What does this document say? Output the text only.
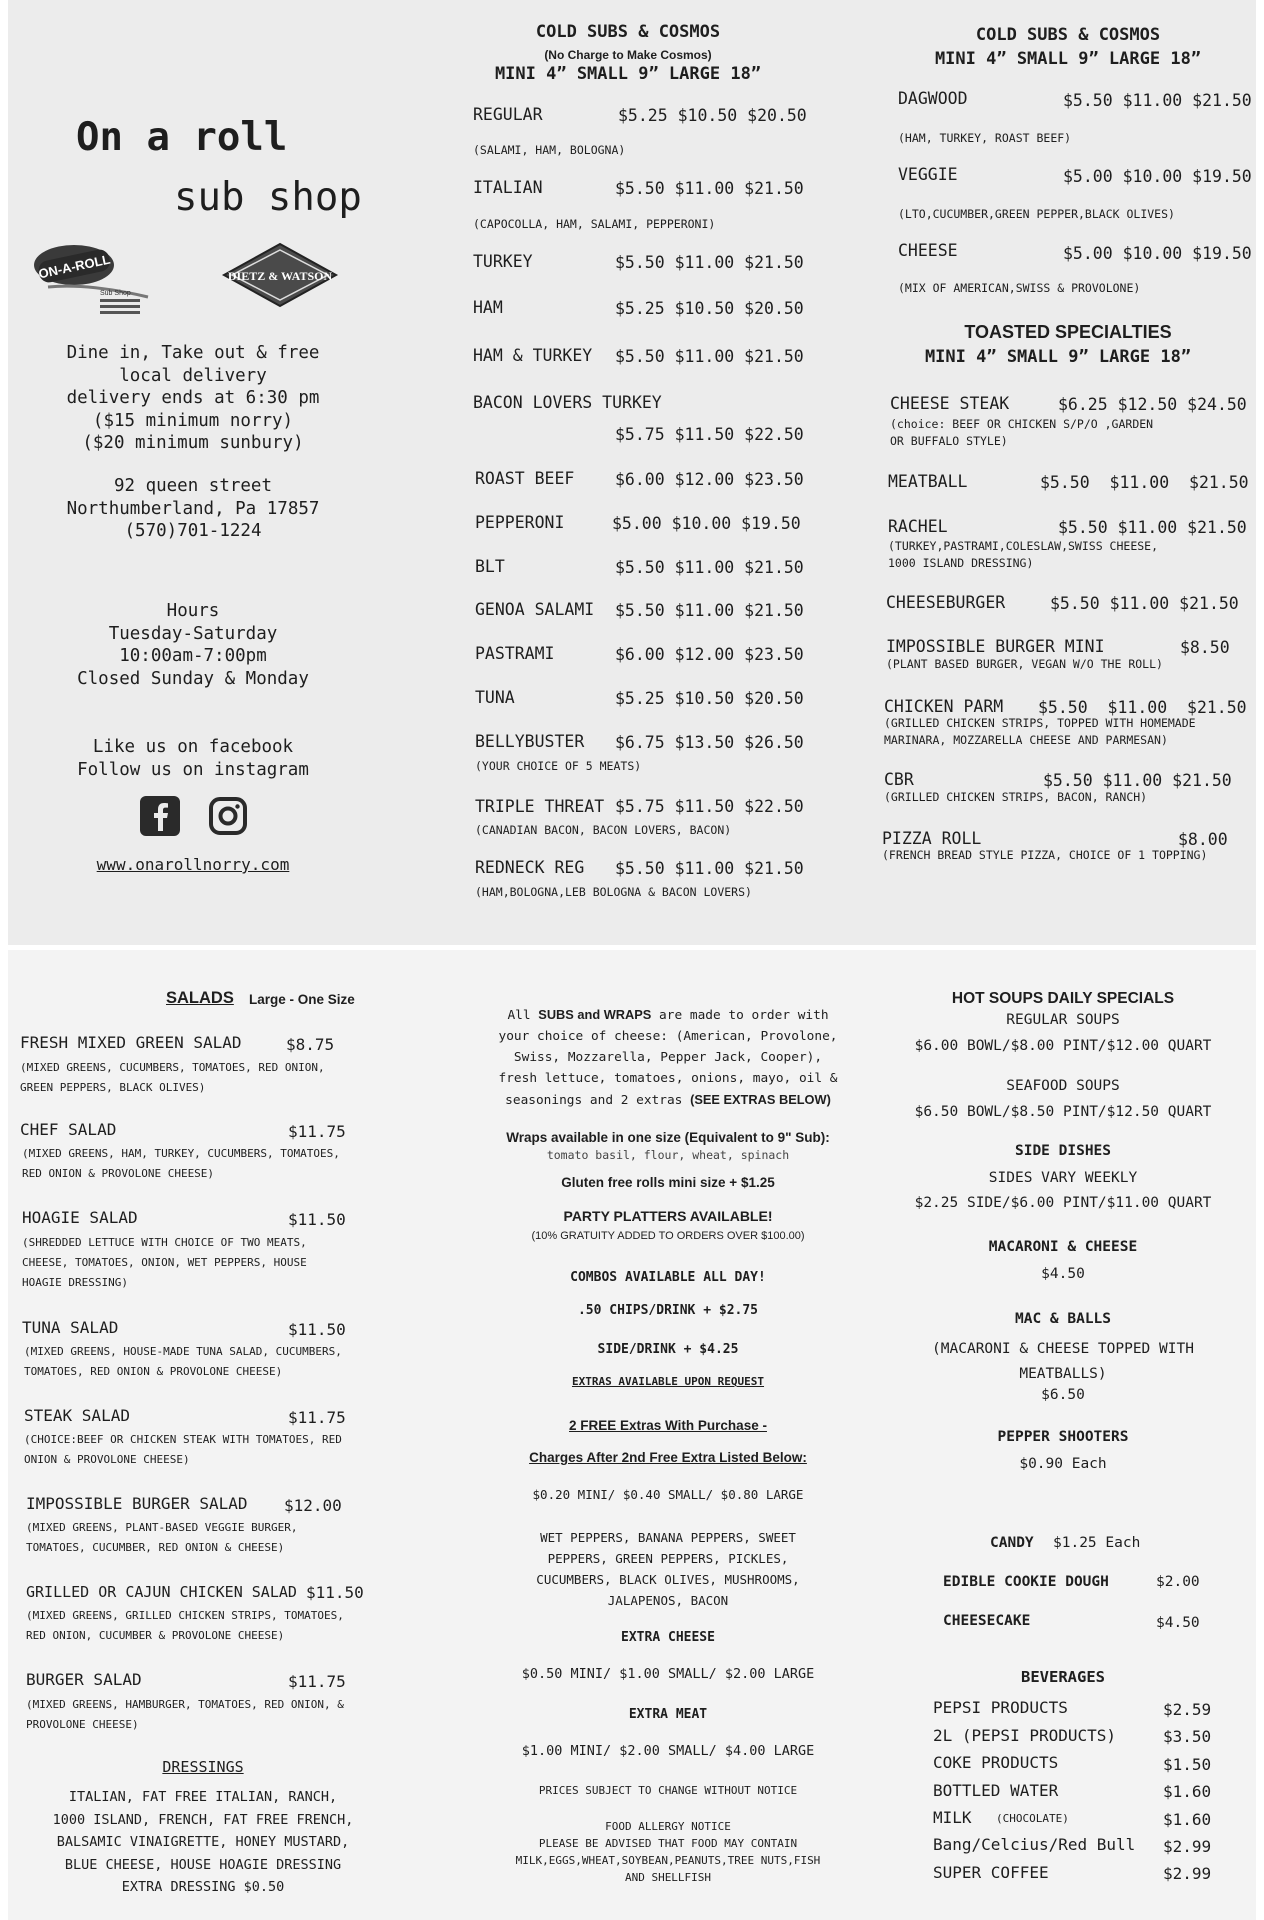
On a roll
sub shop
ON-A-ROLL
Sub Shop
DIETZ & WATSON
Dine in, Take out & free
local delivery
delivery ends at 6:30 pm
($15 minimum norry)
($20 minimum sunbury)
92 queen street
Northumberland, Pa 17857
(570)701-1224
Hours
Tuesday-Saturday
10:00am-7:00pm
Closed Sunday & Monday
Like us on facebook
Follow us on instagram
www.onarollnorry.com
COLD SUBS & COSMOS
(No Charge to Make Cosmos)
MINI 4” SMALL 9” LARGE 18”
REGULAR	$5.25 $10.50 $20.50
(SALAMI, HAM, BOLOGNA)
ITALIAN	$5.50 $11.00 $21.50
(CAPOCOLLA, HAM, SALAMI, PEPPERONI)
TURKEY	$5.50 $11.00 $21.50
HAM	$5.25 $10.50 $20.50
HAM & TURKEY $5.50 $11.00 $21.50
BACON LOVERS TURKEY
$5.75 $11.50 $22.50
ROAST BEEF $6.00 $12.00 $23.50
PEPPERONI	$5.00 $10.00 $19.50
BLT	$5.50 $11.00 $21.50
GENOA SALAMI $5.50 $11.00 $21.50
PASTRAMI	$6.00 $12.00 $23.50
TUNA	$5.25 $10.50 $20.50
BELLYBUSTER $6.75 $13.50 $26.50
(YOUR CHOICE OF 5 MEATS)
TRIPLE THREAT $5.75 $11.50 $22.50
(CANADIAN BACON, BACON LOVERS, BACON)
REDNECK REG $5.50 $11.00 $21.50
(HAM,BOLOGNA,LEB BOLOGNA & BACON LOVERS)
COLD SUBS & COSMOS
MINI 4” SMALL 9” LARGE 18”
DAGWOOD	$5.50 $11.00 $21.50
(HAM, TURKEY, ROAST BEEF)
VEGGIE	$5.00 $10.00 $19.50
(LTO,CUCUMBER,GREEN PEPPER,BLACK OLIVES)
CHEESE	$5.00 $10.00 $19.50
(MIX OF AMERICAN,SWISS & PROVOLONE)
TOASTED SPECIALTIES
MINI 4” SMALL 9” LARGE 18”
CHEESE STEAK	$6.25 $12.50 $24.50
(choice: BEEF OR CHICKEN S/P/O ,GARDEN
OR BUFFALO STYLE)
MEATBALL	$5.50  $11.00  $21.50
RACHEL	$5.50 $11.00 $21.50
(TURKEY,PASTRAMI,COLESLAW,SWISS CHEESE,
1000 ISLAND DRESSING)
CHEESEBURGER	$5.50 $11.00 $21.50
IMPOSSIBLE BURGER MINI	$8.50
(PLANT BASED BURGER, VEGAN W/O THE ROLL)
CHICKEN PARM $5.50  $11.00  $21.50
(GRILLED CHICKEN STRIPS, TOPPED WITH HOMEMADE
MARINARA, MOZZARELLA CHEESE AND PARMESAN)
CBR	$5.50 $11.00 $21.50
(GRILLED CHICKEN STRIPS, BACON, RANCH)
PIZZA ROLL	$8.00
(FRENCH BREAD STYLE PIZZA, CHOICE OF 1 TOPPING)
SALADS Large - One Size
FRESH MIXED GREEN SALAD	$8.75
(MIXED GREENS, CUCUMBERS, TOMATOES, RED ONION,
GREEN PEPPERS, BLACK OLIVES)
CHEF SALAD	$11.75
(MIXED GREENS, HAM, TURKEY, CUCUMBERS, TOMATOES,
RED ONION & PROVOLONE CHEESE)
HOAGIE SALAD	$11.50
(SHREDDED LETTUCE WITH CHOICE OF TWO MEATS,
CHEESE, TOMATOES, ONION, WET PEPPERS, HOUSE
HOAGIE DRESSING)
TUNA SALAD	$11.50
(MIXED GREENS, HOUSE-MADE TUNA SALAD, CUCUMBERS,
TOMATOES, RED ONION & PROVOLONE CHEESE)
STEAK SALAD	$11.75
(CHOICE:BEEF OR CHICKEN STEAK WITH TOMATOES, RED
ONION & PROVOLONE CHEESE)
IMPOSSIBLE BURGER SALAD $12.00
(MIXED GREENS, PLANT-BASED VEGGIE BURGER,
TOMATOES, CUCUMBER, RED ONION & CHEESE)
GRILLED OR CAJUN CHICKEN SALAD $11.50
(MIXED GREENS, GRILLED CHICKEN STRIPS, TOMATOES,
RED ONION, CUCUMBER & PROVOLONE CHEESE)
BURGER SALAD	$11.75
(MIXED GREENS, HAMBURGER, TOMATOES, RED ONION, &
PROVOLONE CHEESE)
DRESSINGS
ITALIAN, FAT FREE ITALIAN, RANCH,
1000 ISLAND, FRENCH, FAT FREE FRENCH,
BALSAMIC VINAIGRETTE, HONEY MUSTARD,
BLUE CHEESE, HOUSE HOAGIE DRESSING
EXTRA DRESSING $0.50
All SUBS and WRAPS are made to order with
your choice of cheese: (American, Provolone,
Swiss, Mozzarella, Pepper Jack, Cooper),
fresh lettuce, tomatoes, onions, mayo, oil &
seasonings and 2 extras (SEE EXTRAS BELOW)
Wraps available in one size (Equivalent to 9" Sub):
tomato basil, flour, wheat, spinach
Gluten free rolls mini size + $1.25
PARTY PLATTERS AVAILABLE!
(10% GRATUITY ADDED TO ORDERS OVER $100.00)
COMBOS AVAILABLE ALL DAY!
.50 CHIPS/DRINK + $2.75
SIDE/DRINK + $4.25
EXTRAS AVAILABLE UPON REQUEST
2 FREE Extras With Purchase -
Charges After 2nd Free Extra Listed Below:
$0.20 MINI/ $0.40 SMALL/ $0.80 LARGE
WET PEPPERS, BANANA PEPPERS, SWEET
PEPPERS, GREEN PEPPERS, PICKLES,
CUCUMBERS, BLACK OLIVES, MUSHROOMS,
JALAPENOS, BACON
EXTRA CHEESE
$0.50 MINI/ $1.00 SMALL/ $2.00 LARGE
EXTRA MEAT
$1.00 MINI/ $2.00 SMALL/ $4.00 LARGE
PRICES SUBJECT TO CHANGE WITHOUT NOTICE
FOOD ALLERGY NOTICE
PLEASE BE ADVISED THAT FOOD MAY CONTAIN
MILK,EGGS,WHEAT,SOYBEAN,PEANUTS,TREE NUTS,FISH
AND SHELLFISH
HOT SOUPS DAILY SPECIALS
REGULAR SOUPS
$6.00 BOWL/$8.00 PINT/$12.00 QUART
SEAFOOD SOUPS
$6.50 BOWL/$8.50 PINT/$12.50 QUART
SIDE DISHES
SIDES VARY WEEKLY
$2.25 SIDE/$6.00 PINT/$11.00 QUART
MACARONI & CHEESE
$4.50
MAC & BALLS
(MACARONI & CHEESE TOPPED WITH
MEATBALLS)
$6.50
PEPPER SHOOTERS
$0.90 Each
CANDY $1.25 Each
EDIBLE COOKIE DOUGH	$2.00
CHEESECAKE	$4.50
BEVERAGES
PEPSI PRODUCTS	$2.59
2L (PEPSI PRODUCTS)	$3.50
COKE PRODUCTS	$1.50
BOTTLED WATER	$1.60
MILK (CHOCOLATE)	$1.60
Bang/Celcius/Red Bull $2.99
SUPER COFFEE	$2.99
